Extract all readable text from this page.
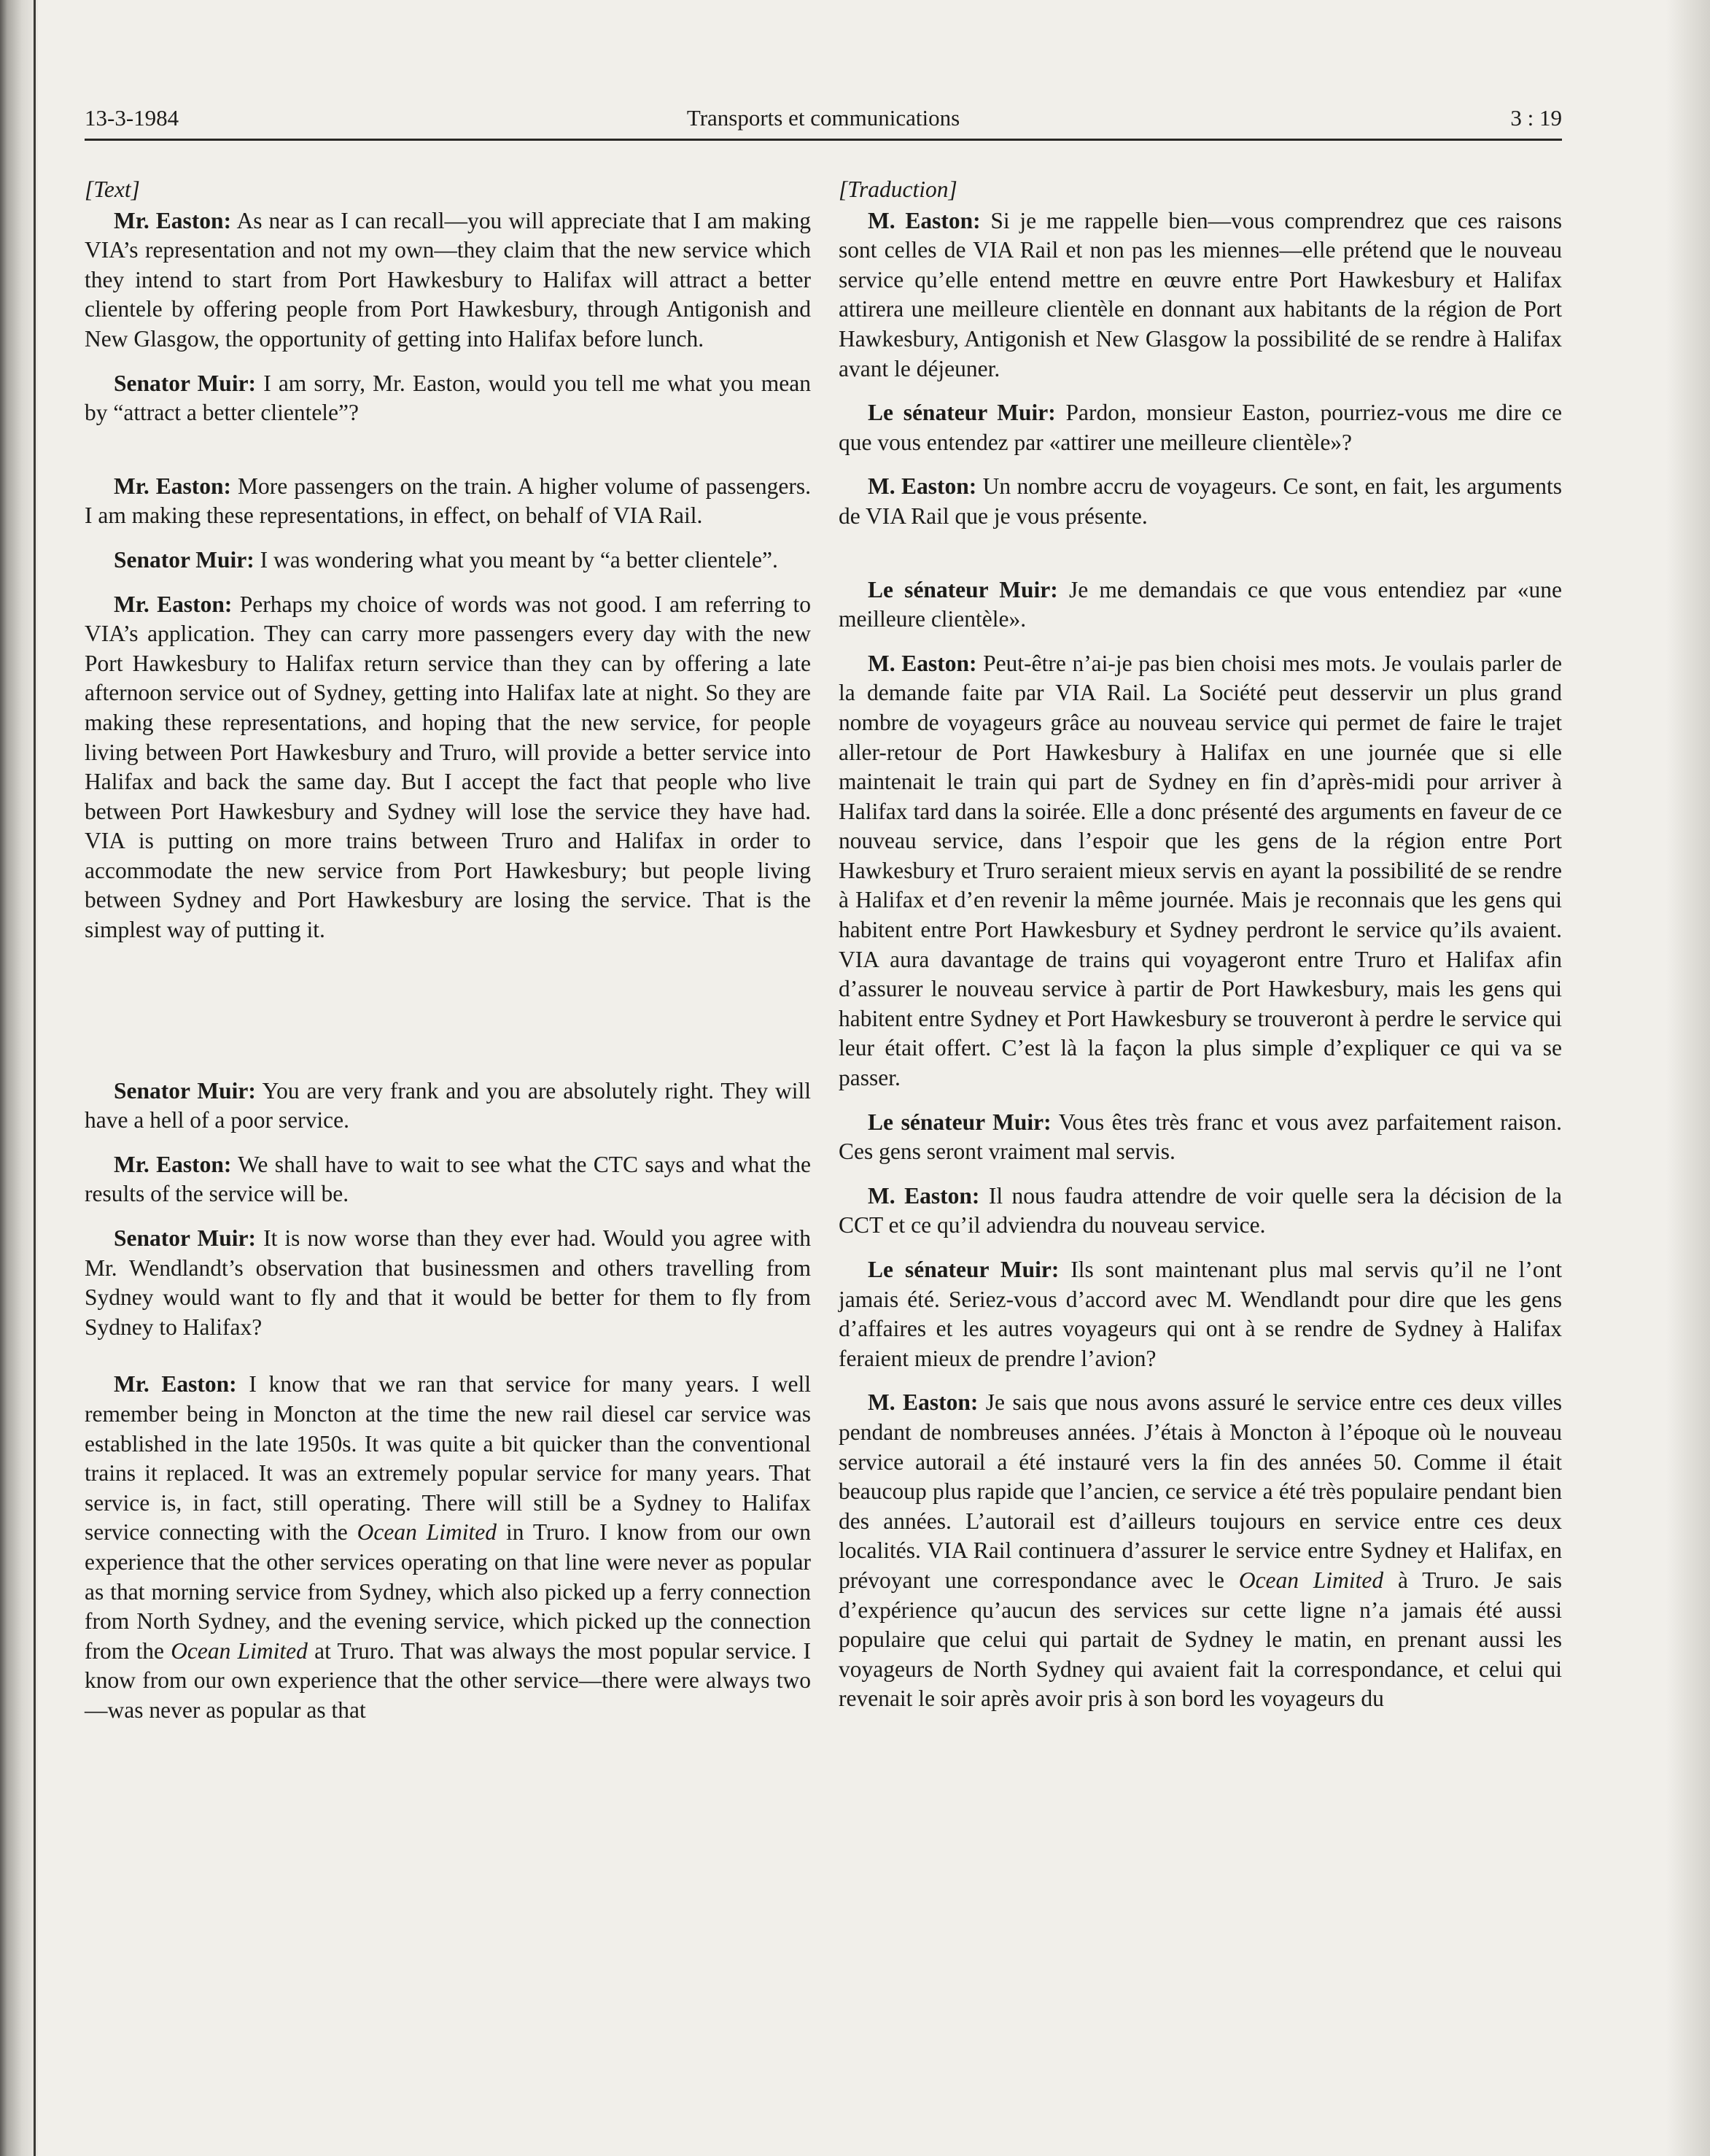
13-3-1984	Transports et communications	3 : 19

[Text]

Mr. Easton: As near as I can recall—you will appreciate that I am making VIA’s representation and not my own—they claim that the new service which they intend to start from Port Hawkesbury to Halifax will attract a better clientele by offering people from Port Hawkesbury, through Antigonish and New Glasgow, the opportunity of getting into Halifax before lunch.

Senator Muir: I am sorry, Mr. Easton, would you tell me what you mean by “attract a better clientele”?

Mr. Easton: More passengers on the train. A higher volume of passengers. I am making these representations, in effect, on behalf of VIA Rail.

Senator Muir: I was wondering what you meant by “a better clientele”.

Mr. Easton: Perhaps my choice of words was not good. I am referring to VIA’s application. They can carry more passengers every day with the new Port Hawkesbury to Halifax return service than they can by offering a late afternoon service out of Sydney, getting into Halifax late at night. So they are making these representations, and hoping that the new service, for people living between Port Hawkesbury and Truro, will provide a better service into Halifax and back the same day. But I accept the fact that people who live between Port Hawkesbury and Sydney will lose the service they have had. VIA is putting on more trains between Truro and Halifax in order to accommodate the new service from Port Hawkesbury; but people living between Sydney and Port Hawkesbury are losing the service. That is the simplest way of putting it.

Senator Muir: You are very frank and you are absolutely right. They will have a hell of a poor service.

Mr. Easton: We shall have to wait to see what the CTC says and what the results of the service will be.

Senator Muir: It is now worse than they ever had. Would you agree with Mr. Wendlandt’s observation that businessmen and others travelling from Sydney would want to fly and that it would be better for them to fly from Sydney to Halifax?

Mr. Easton: I know that we ran that service for many years. I well remember being in Moncton at the time the new rail diesel car service was established in the late 1950s. It was quite a bit quicker than the conventional trains it replaced. It was an extremely popular service for many years. That service is, in fact, still operating. There will still be a Sydney to Halifax service connecting with the Ocean Limited in Truro. I know from our own experience that the other services operating on that line were never as popular as that morning service from Sydney, which also picked up a ferry connection from North Sydney, and the evening service, which picked up the connection from the Ocean Limited at Truro. That was always the most popular service. I know from our own experience that the other service—there were always two—was never as popular as that

[Traduction]

M. Easton: Si je me rappelle bien—vous comprendrez que ces raisons sont celles de VIA Rail et non pas les miennes—elle prétend que le nouveau service qu’elle entend mettre en œuvre entre Port Hawkesbury et Halifax attirera une meilleure clientèle en donnant aux habitants de la région de Port Hawkesbury, Antigonish et New Glasgow la possibilité de se rendre à Halifax avant le déjeuner.

Le sénateur Muir: Pardon, monsieur Easton, pourriez-vous me dire ce que vous entendez par «attirer une meilleure clientèle»?

M. Easton: Un nombre accru de voyageurs. Ce sont, en fait, les arguments de VIA Rail que je vous présente.

Le sénateur Muir: Je me demandais ce que vous entendiez par «une meilleure clientèle».

M. Easton: Peut-être n’ai-je pas bien choisi mes mots. Je voulais parler de la demande faite par VIA Rail. La Société peut desservir un plus grand nombre de voyageurs grâce au nouveau service qui permet de faire le trajet aller-retour de Port Hawkesbury à Halifax en une journée que si elle maintenait le train qui part de Sydney en fin d’après-midi pour arriver à Halifax tard dans la soirée. Elle a donc présenté des arguments en faveur de ce nouveau service, dans l’espoir que les gens de la région entre Port Hawkesbury et Truro seraient mieux servis en ayant la possibilité de se rendre à Halifax et d’en revenir la même journée. Mais je reconnais que les gens qui habitent entre Port Hawkesbury et Sydney perdront le service qu’ils avaient. VIA aura davantage de trains qui voyageront entre Truro et Halifax afin d’assurer le nouveau service à partir de Port Hawkesbury, mais les gens qui habitent entre Sydney et Port Hawkesbury se trouveront à perdre le service qui leur était offert. C’est là la façon la plus simple d’expliquer ce qui va se passer.

Le sénateur Muir: Vous êtes très franc et vous avez parfaitement raison. Ces gens seront vraiment mal servis.

M. Easton: Il nous faudra attendre de voir quelle sera la décision de la CCT et ce qu’il adviendra du nouveau service.

Le sénateur Muir: Ils sont maintenant plus mal servis qu’il ne l’ont jamais été. Seriez-vous d’accord avec M. Wendlandt pour dire que les gens d’affaires et les autres voyageurs qui ont à se rendre de Sydney à Halifax feraient mieux de prendre l’avion?

M. Easton: Je sais que nous avons assuré le service entre ces deux villes pendant de nombreuses années. J’étais à Moncton à l’époque où le nouveau service autorail a été instauré vers la fin des années 50. Comme il était beaucoup plus rapide que l’ancien, ce service a été très populaire pendant bien des années. L’autorail est d’ailleurs toujours en service entre ces deux localités. VIA Rail continuera d’assurer le service entre Sydney et Halifax, en prévoyant une correspondance avec le Ocean Limited à Truro. Je sais d’expérience qu’aucun des services sur cette ligne n’a jamais été aussi populaire que celui qui partait de Sydney le matin, en prenant aussi les voyageurs de North Sydney qui avaient fait la correspondance, et celui qui revenait le soir après avoir pris à son bord les voyageurs du
